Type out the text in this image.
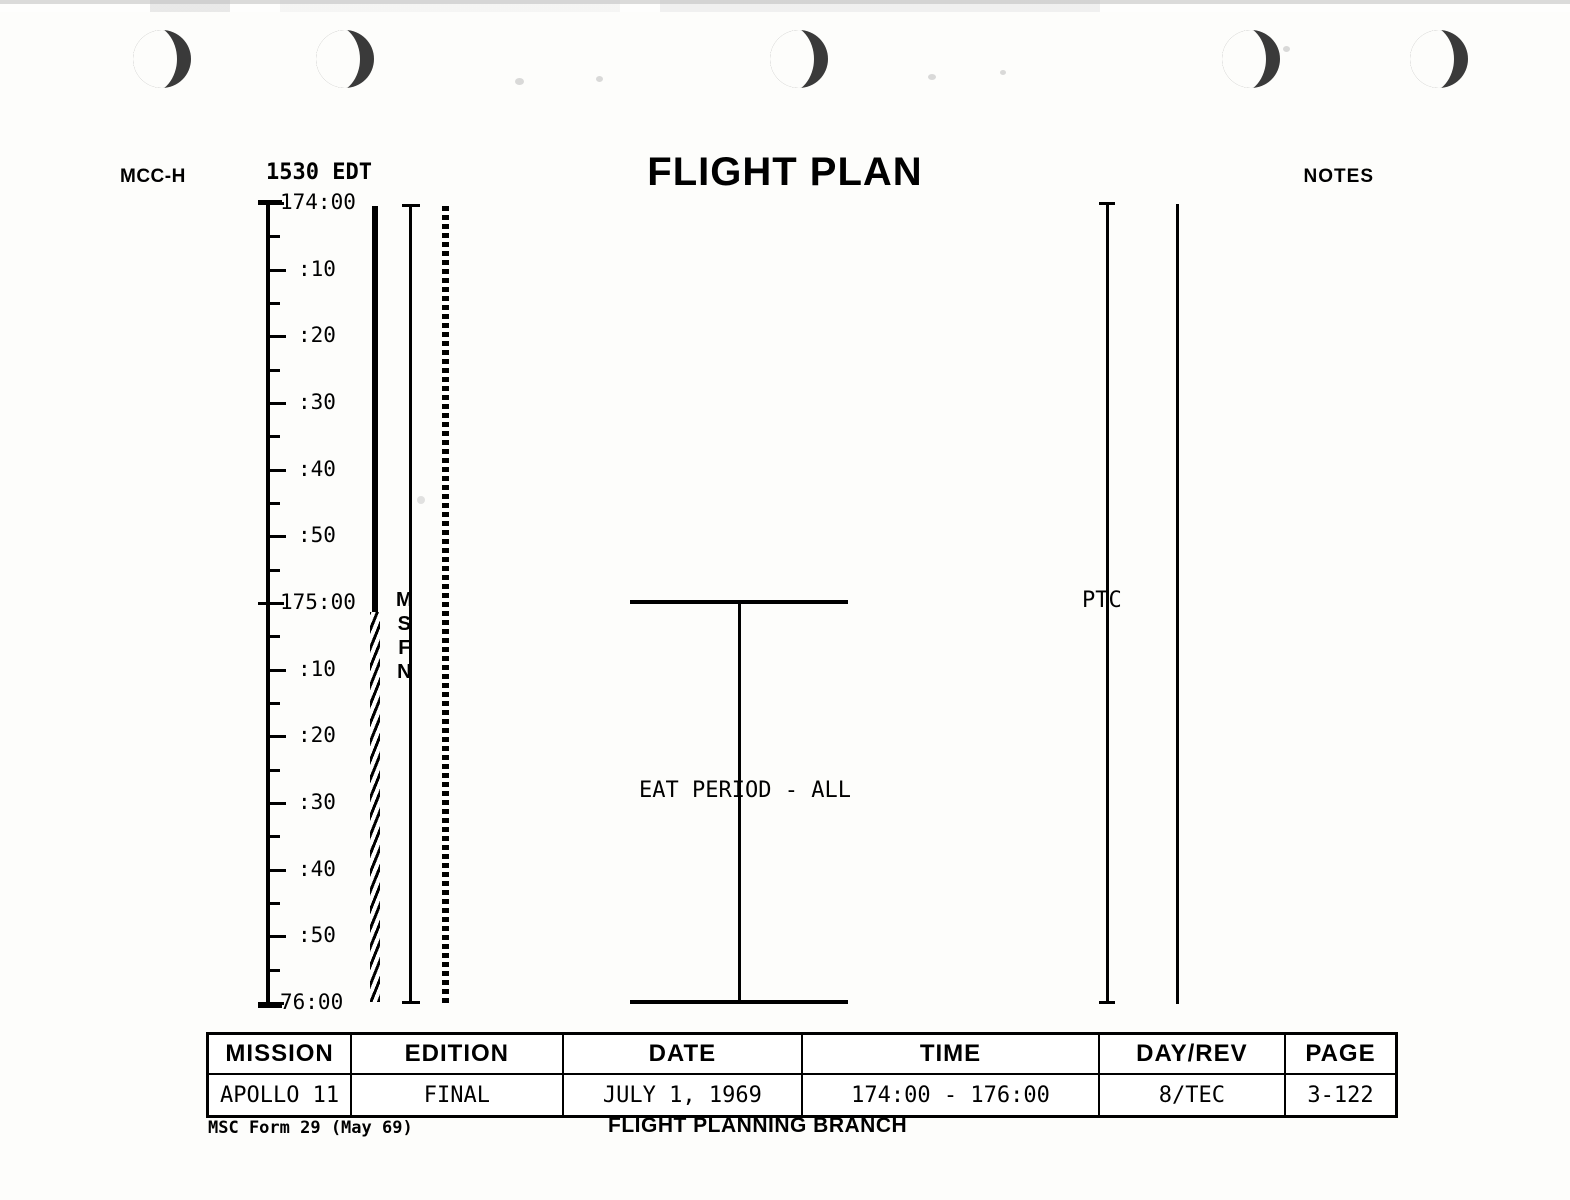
MCC-H	1530 EDT	FLIGHT PLAN	NOTES
174:00
:10
:20
:30
:40
:50
175:00
:10
:20
:30
:40
:50
76:00
M
S
F
N
EAT PERIOD - ALL
PTC
MISSION	EDITION	DATE	TIME	DAY/REV	PAGE
APOLLO 11	FINAL	JULY 1, 1969	174:00 - 176:00	8/TEC	3-122
MSC Form 29 (May 69)	FLIGHT PLANNING BRANCH
